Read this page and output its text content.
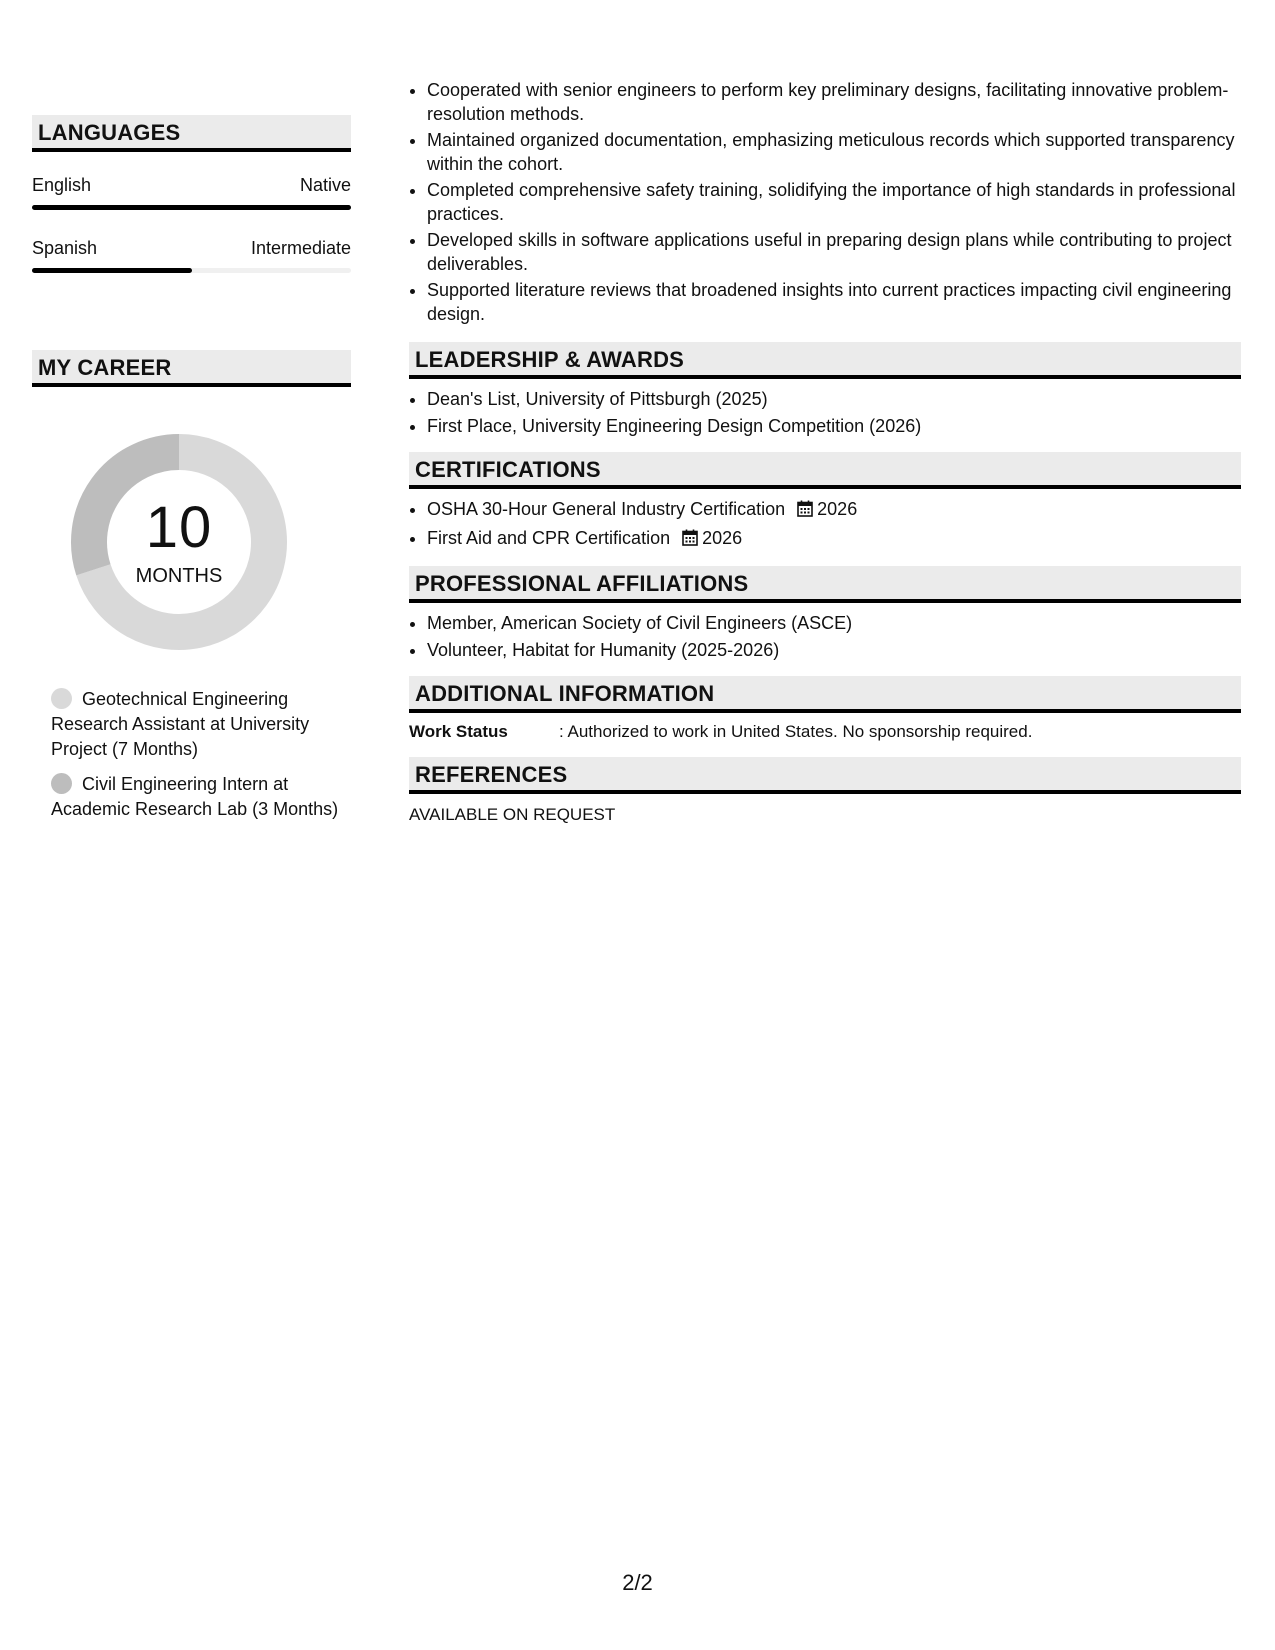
LANGUAGES
English	Native
Spanish	Intermediate
MY CAREER
10
MONTHS
Geotechnical Engineering Research Assistant at University Project (7 Months)
Civil Engineering Intern at Academic Research Lab (3 Months)
• Cooperated with senior engineers to perform key preliminary designs, facilitating innovative problem-resolution methods.
• Maintained organized documentation, emphasizing meticulous records which supported transparency within the cohort.
• Completed comprehensive safety training, solidifying the importance of high standards in professional practices.
• Developed skills in software applications useful in preparing design plans while contributing to project deliverables.
• Supported literature reviews that broadened insights into current practices impacting civil engineering design.
LEADERSHIP & AWARDS
• Dean's List, University of Pittsburgh (2025)
• First Place, University Engineering Design Competition (2026)
CERTIFICATIONS
• OSHA 30-Hour General Industry Certification 2026
• First Aid and CPR Certification 2026
PROFESSIONAL AFFILIATIONS
• Member, American Society of Civil Engineers (ASCE)
• Volunteer, Habitat for Humanity (2025-2026)
ADDITIONAL INFORMATION
Work Status	: Authorized to work in United States. No sponsorship required.
REFERENCES
AVAILABLE ON REQUEST
2/2
